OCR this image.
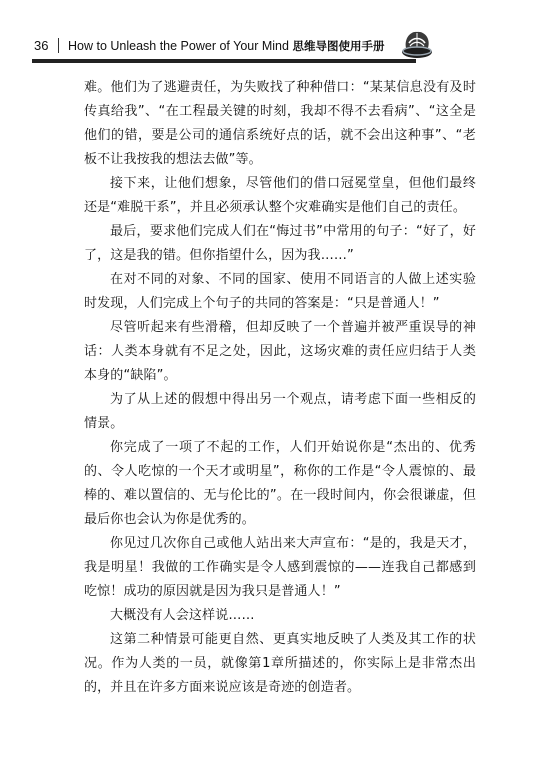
36 How to Unleash the Power of Your Mind 思维导图使用手册

难。他们为了逃避责任，为失败找了种种借口：“某某信息没有及时传真给我”、“在工程最关键的时刻，我却不得不去看病”、“这全是他们的错，要是公司的通信系统好点的话，就不会出这种事”、“老板不让我按我的想法去做”等。

接下来，让他们想象，尽管他们的借口冠冕堂皇，但他们最终还是“难脱干系”，并且必须承认整个灾难确实是他们自己的责任。

最后，要求他们完成人们在“悔过书”中常用的句子：“好了，好了，这是我的错。但你指望什么，因为我……”

在对不同的对象、不同的国家、使用不同语言的人做上述实验时发现，人们完成上个句子的共同的答案是：“只是普通人！”

尽管听起来有些滑稽，但却反映了一个普遍并被严重误导的神话：人类本身就有不足之处，因此，这场灾难的责任应归结于人类本身的“缺陷”。

为了从上述的假想中得出另一个观点，请考虑下面一些相反的情景。

你完成了一项了不起的工作，人们开始说你是“杰出的、优秀的、令人吃惊的一个天才或明星”，称你的工作是“令人震惊的、最棒的、难以置信的、无与伦比的”。在一段时间内，你会很谦虚，但最后你也会认为你是优秀的。

你见过几次你自己或他人站出来大声宣布：“是的，我是天才，我是明星！我做的工作确实是令人感到震惊的——连我自己都感到吃惊！成功的原因就是因为我只是普通人！”

大概没有人会这样说……

这第二种情景可能更自然、更真实地反映了人类及其工作的状况。作为人类的一员，就像第1章所描述的，你实际上是非常杰出的，并且在许多方面来说应该是奇迹的创造者。
